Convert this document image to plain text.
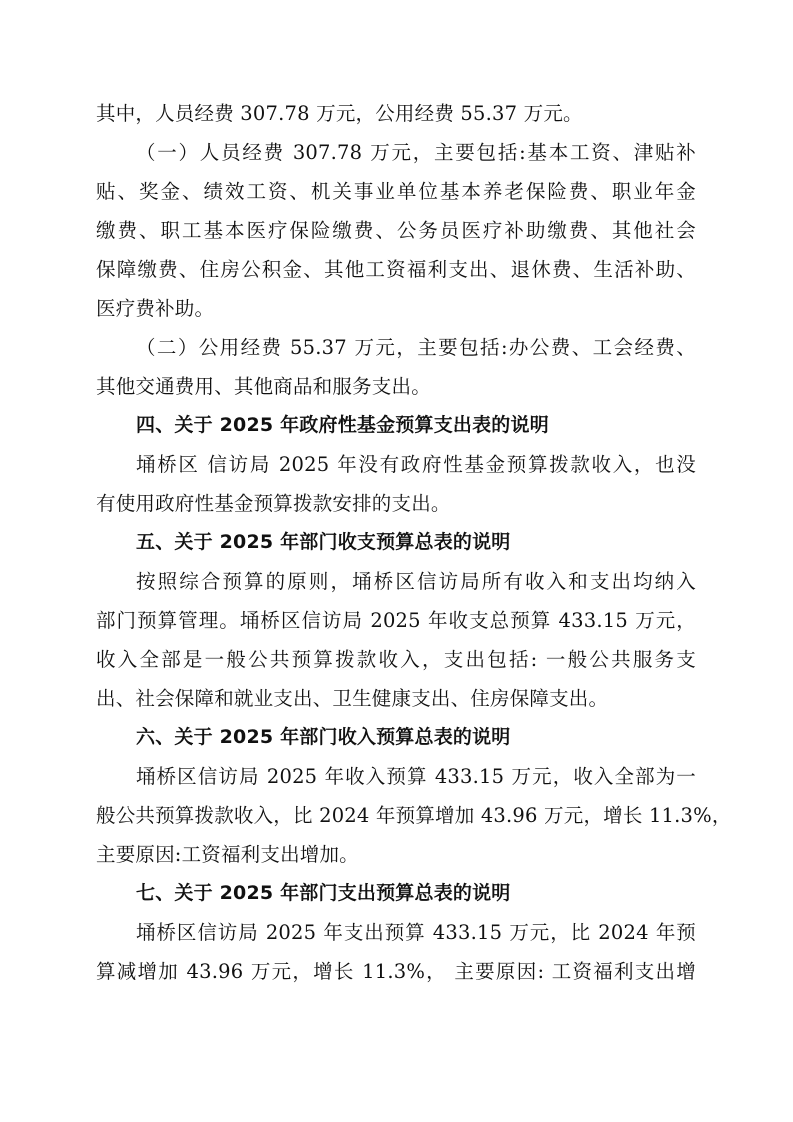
其中，人员经费 307.78 万元，公用经费 55.37 万元。
（一）人员经费 307.78 万元，主要包括:基本工资、津贴补
贴、奖金、绩效工资、机关事业单位基本养老保险费、职业年金
缴费、职工基本医疗保险缴费、公务员医疗补助缴费、其他社会
保障缴费、住房公积金、其他工资福利支出、退休费、生活补助、
医疗费补助。
（二）公用经费 55.37 万元，主要包括:办公费、工会经费、
其他交通费用、其他商品和服务支出。
四、关于 2025 年政府性基金预算支出表的说明
埇桥区 信访局 2025 年没有政府性基金预算拨款收入，也没
有使用政府性基金预算拨款安排的支出。
五、关于 2025 年部门收支预算总表的说明
按照综合预算的原则，埇桥区信访局所有收入和支出均纳入
部门预算管理。埇桥区信访局 2025 年收支总预算 433.15 万元，
收入全部是一般公共预算拨款收入，支出包括: 一般公共服务支
出、社会保障和就业支出、卫生健康支出、住房保障支出。
六、关于 2025 年部门收入预算总表的说明
埇桥区信访局 2025 年收入预算 433.15 万元，收入全部为一
般公共预算拨款收入，比 2024 年预算增加 43.96 万元，增长 11.3%，
主要原因:工资福利支出增加。
七、关于 2025 年部门支出预算总表的说明
埇桥区信访局 2025 年支出预算 433.15 万元，比 2024 年预
算减增加 43.96 万元，增长 11.3%， 主要原因: 工资福利支出增
